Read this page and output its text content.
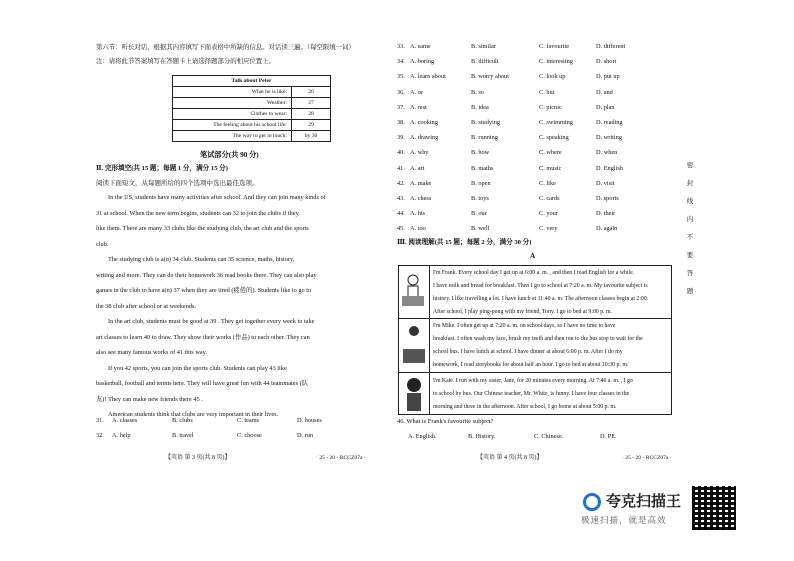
第六节：听长对话，根据其内容填写下面表格中所缺的信息。对话读三遍。（每空限填一词）
注：请将此节答案填写在答题卡上请选择题部分的相应位置上。
Talk about Peter	
What he is like:	26
Weather:	27
Clothes to wear:	28
The feeling about his school life:	29
The way to get in touch:	by 30
笔试部分(共 90 分)
Ⅱ. 完形填空(共 15 题；每题 1 分，满分 15 分)
阅读下面短文，从每题所给的四个选项中选出最佳选项。
In the US, students have many activities after school. And they can join many kinds of
31 at school. When the new term begins, students can 32 to join the clubs if they
like them. There are many 33 clubs like the studying club, the art club and the sports
club.
The studying club is a(n) 34 club. Students can 35 science, maths, history,
writing and more. They can do their homework 36 read books there. They can also play
games in the club to have a(n) 37 when they are tired (疲倦的). Students like to go to
the 38 club after school or at weekends.
In the art club, students must be good at 39 . They get together every week to take
art classes to learn 40 to draw. They show their works (作品) to each other. They can
also see many famous works of 41 this way.
If you 42 sports, you can join the sports club. Students can play 43 like
basketball, football and tennis here. They will have great fun with 44 teammates (队
友)! They can make new friends there 45 .
American students think that clubs are very important in their lives.
31. A. classes	B. clubs	C. teams	D. houses
32. A. help	B. travel	C. choose	D. run
【英语 第 3 页(共 8 页)】	· 25 - 20 - RCCZ07a ·
33. A. same	B. similar	C. favourite	D. different
34. A. boring	B. difficult	C. interesting	D. short
35. A. learn about	B. worry about	C. look up	D. put up
36. A. or	B. so	C. but	D. and
37. A. rest	B. idea	C. picnic	D. plan
38. A. cooking	B. studying	C. swimming	D. reading
39. A. drawing	B. running	C. speaking	D. writing
40. A. why	B. how	C. where	D. when
41. A. art	B. maths	C. music	D. English
42. A. make	B. open	C. like	D. visit
43. A. chess	B. toys	C. cards	D. sports
44. A. his	B. our	C. your	D. their
45. A. too	B. well	C. very	D. again
Ⅲ. 阅读理解(共 15 题；每题 2 分，满分 30 分)
A
I'm Frank. Every school day I get up at 6:00 a. m. , and then I read English for a while.
I have milk and bread for breakfast. Then I go to school at 7:20 a. m. My favourite subject is
history. I like travelling a lot. I have lunch at 11:40 a. m. The afternoon classes begin at 2:00.
After school, I play ping-pong with my friend, Tony. I go to bed at 9:00 p. m.
I'm Mike. I often get up at 7:20 a. m. on school days, so I have no time to have
breakfast. I often wash my face, brush my teeth and then run to the bus stop to wait for the
school bus. I have lunch at school. I have dinner at about 6:00 p. m. After I do my
homework, I read storybooks for about half an hour. I go to bed at about 10:30 p. m.
I'm Kate. I run with my sister, Jane, for 20 minutes every morning. At 7:40 a. m. , I go
to school by bus. Our Chinese teacher, Mr. White, is funny. I have four classes in the
morning and three in the afternoon. After school, I go home at about 5:00 p. m.
46. What is Frank's favourite subject?
A. English.	B. History.	C. Chinese.	D. PE.
【英语 第 4 页(共 8 页)】	· 25 - 20 - RCCZ07a ·
密
封
线
内
不
要
答
题
夸克扫描王
极速扫描，就是高效
